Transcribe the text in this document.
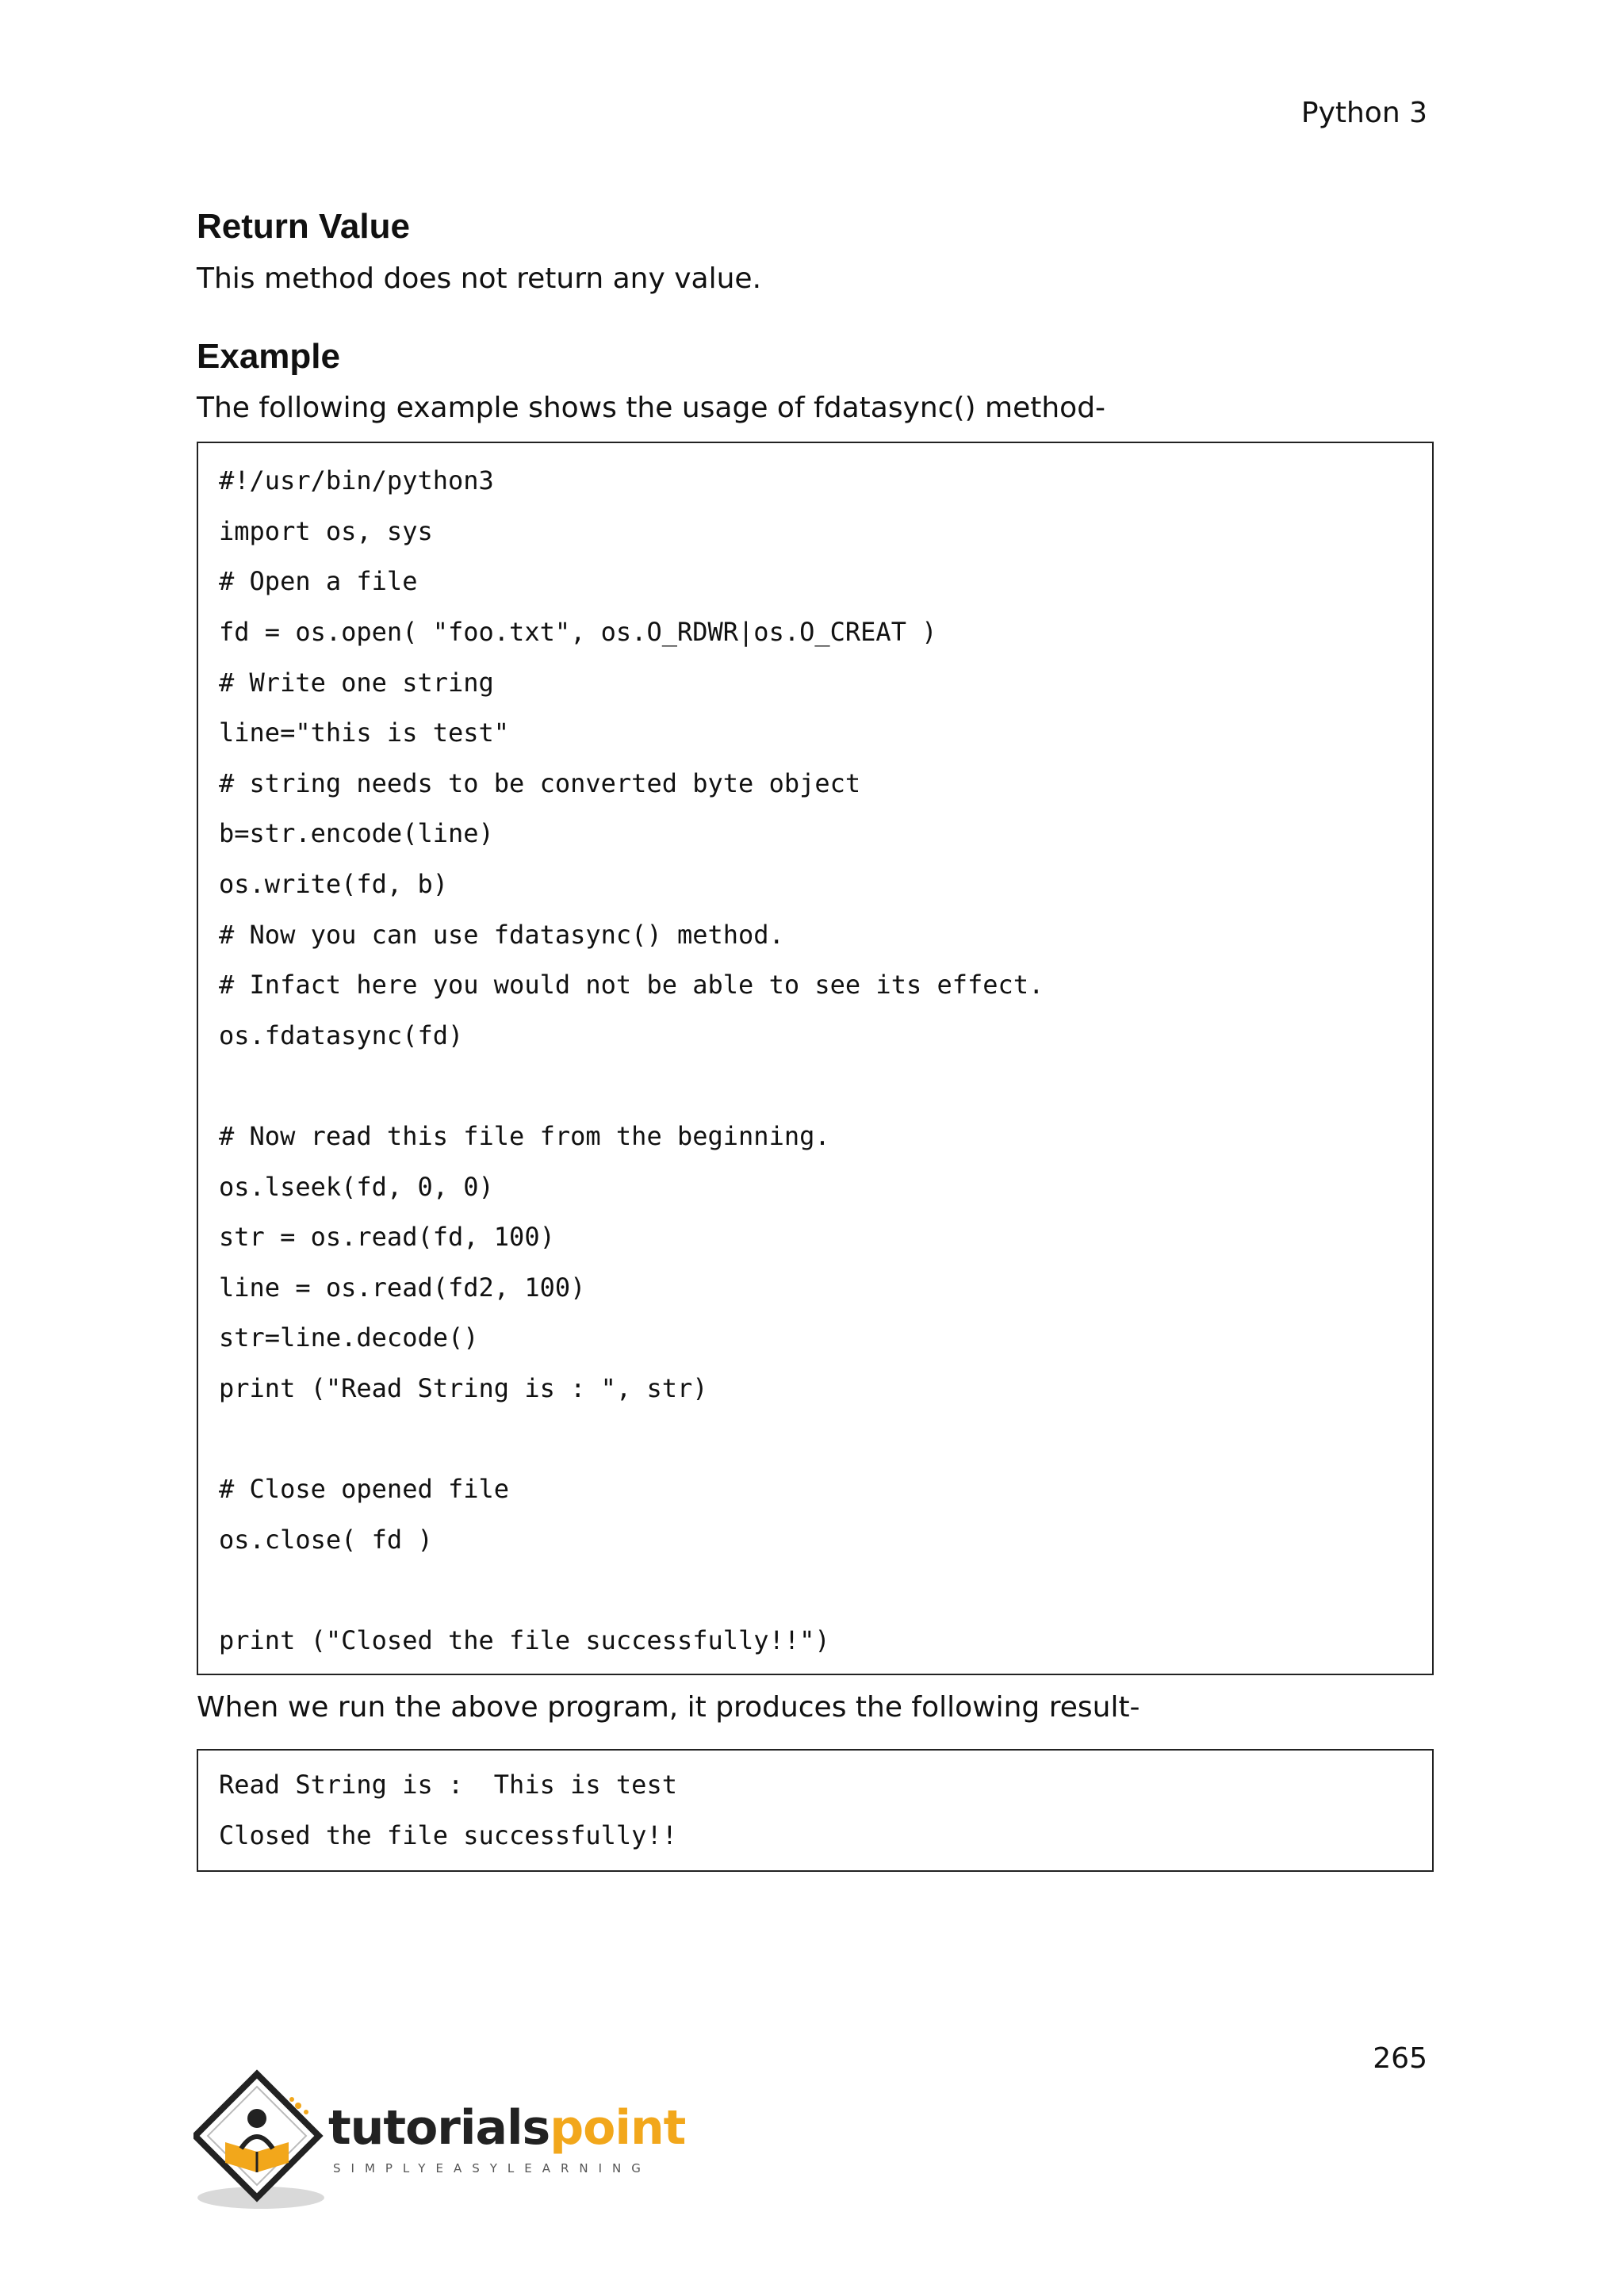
Python 3
Return Value

This method does not return any value.

Example

The following example shows the usage of fdatasync() method-

#!/usr/bin/python3
import os, sys
# Open a file
fd = os.open( "foo.txt", os.O_RDWR|os.O_CREAT )
# Write one string
line="this is test"
# string needs to be converted byte object
b=str.encode(line)
os.write(fd, b)
# Now you can use fdatasync() method.
# Infact here you would not be able to see its effect.
os.fdatasync(fd)
# Now read this file from the beginning.
os.lseek(fd, 0, 0)
str = os.read(fd, 100)
line = os.read(fd2, 100)
str=line.decode()
print ("Read String is : ", str)
# Close opened file
os.close( fd )
print ("Closed the file successfully!!")

When we run the above program, it produces the following result-

Read String is :  This is test
Closed the file successfully!!
265
tutorialspoint
SIMPLYEASYLEARNING
